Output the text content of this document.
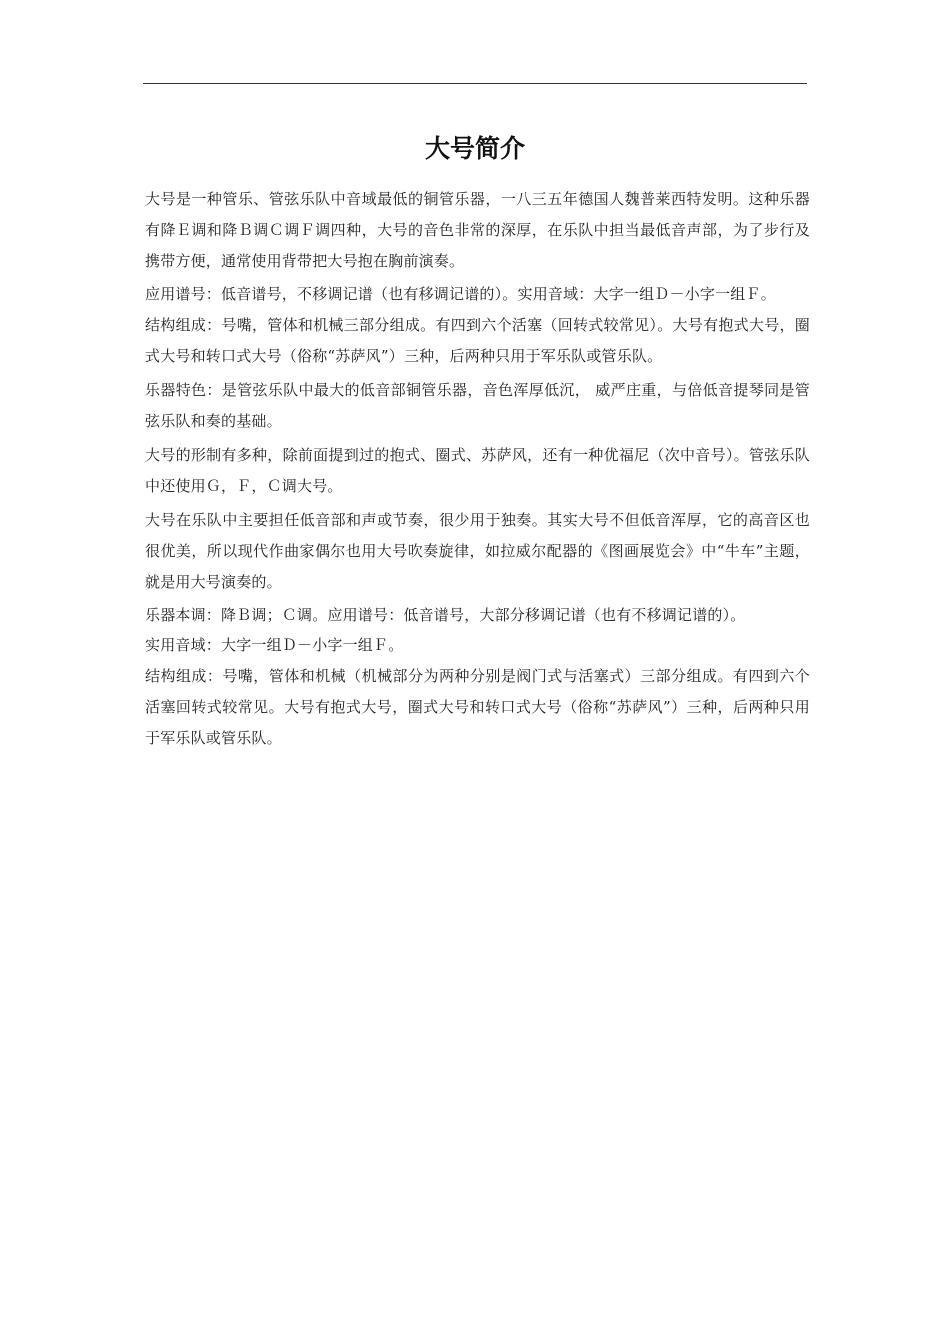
大号简介

大号是一种管乐、管弦乐队中音域最低的铜管乐器，一八三五年德国人魏普莱西特发明。这种乐器有降Ｅ调和降Ｂ调Ｃ调Ｆ调四种，大号的音色非常的深厚，在乐队中担当最低音声部，为了步行及携带方便，通常使用背带把大号抱在胸前演奏。

应用谱号：低音谱号，不移调记谱（也有移调记谱的）。实用音域：大字一组Ｄ－小字一组Ｆ。

结构组成：号嘴，管体和机械三部分组成。有四到六个活塞（回转式较常见）。大号有抱式大号，圈式大号和转口式大号（俗称“苏萨风”）三种，后两种只用于军乐队或管乐队。

乐器特色：是管弦乐队中最大的低音部铜管乐器，音色浑厚低沉， 威严庄重，与倍低音提琴同是管弦乐队和奏的基础。

大号的形制有多种，除前面提到过的抱式、圈式、苏萨风，还有一种优福尼（次中音号）。管弦乐队中还使用Ｇ，Ｆ，Ｃ调大号。

大号在乐队中主要担任低音部和声或节奏，很少用于独奏。其实大号不但低音浑厚，它的高音区也很优美，所以现代作曲家偶尔也用大号吹奏旋律，如拉威尔配器的《图画展览会》中“牛车”主题，就是用大号演奏的。

乐器本调：降Ｂ调；Ｃ调。应用谱号：低音谱号，大部分移调记谱（也有不移调记谱的）。

实用音域：大字一组Ｄ－小字一组Ｆ。

结构组成：号嘴，管体和机械（机械部分为两种分别是阀门式与活塞式）三部分组成。有四到六个活塞回转式较常见。大号有抱式大号，圈式大号和转口式大号（俗称“苏萨风”）三种，后两种只用于军乐队或管乐队。
